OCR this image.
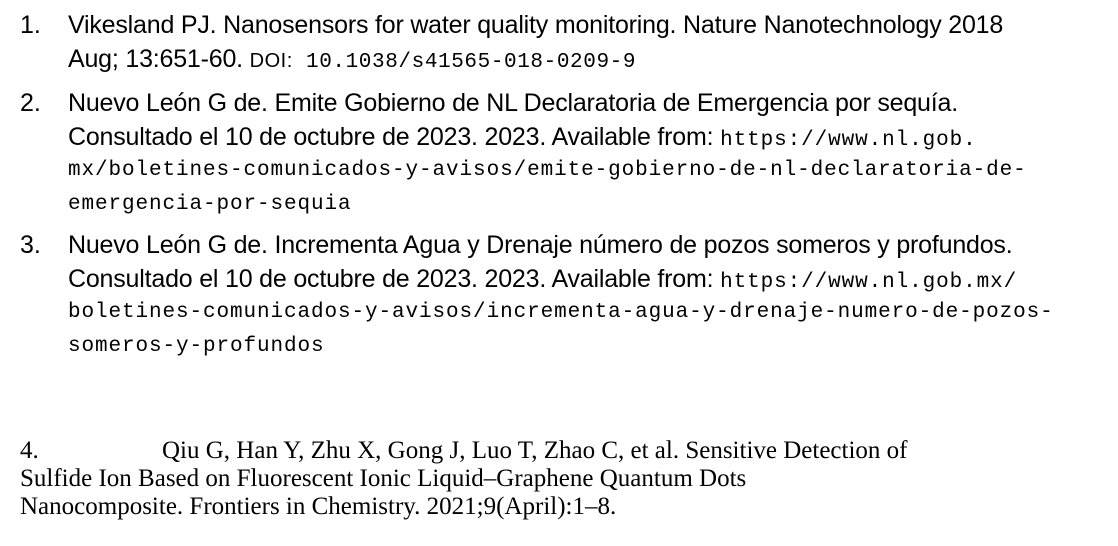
1. Vikesland PJ. Nanosensors for water quality monitoring. Nature Nanotechnology 2018
Aug; 13:651-60. DOI: 10.1038/s41565-018-0209-9
2. Nuevo León G de. Emite Gobierno de NL Declaratoria de Emergencia por sequía.
Consultado el 10 de octubre de 2023. 2023. Available from: https://www.nl.gob.
mx/boletines-comunicados-y-avisos/emite-gobierno-de-nl-declaratoria-de-
emergencia-por-sequia
3. Nuevo León G de. Incrementa Agua y Drenaje número de pozos someros y profundos.
Consultado el 10 de octubre de 2023. 2023. Available from: https://www.nl.gob.mx/
boletines-comunicados-y-avisos/incrementa-agua-y-drenaje-numero-de-pozos-
someros-y-profundos
4.	Qiu G, Han Y, Zhu X, Gong J, Luo T, Zhao C, et al. Sensitive Detection of
Sulfide Ion Based on Fluorescent Ionic Liquid–Graphene Quantum Dots
Nanocomposite. Frontiers in Chemistry. 2021;9(April):1–8.
